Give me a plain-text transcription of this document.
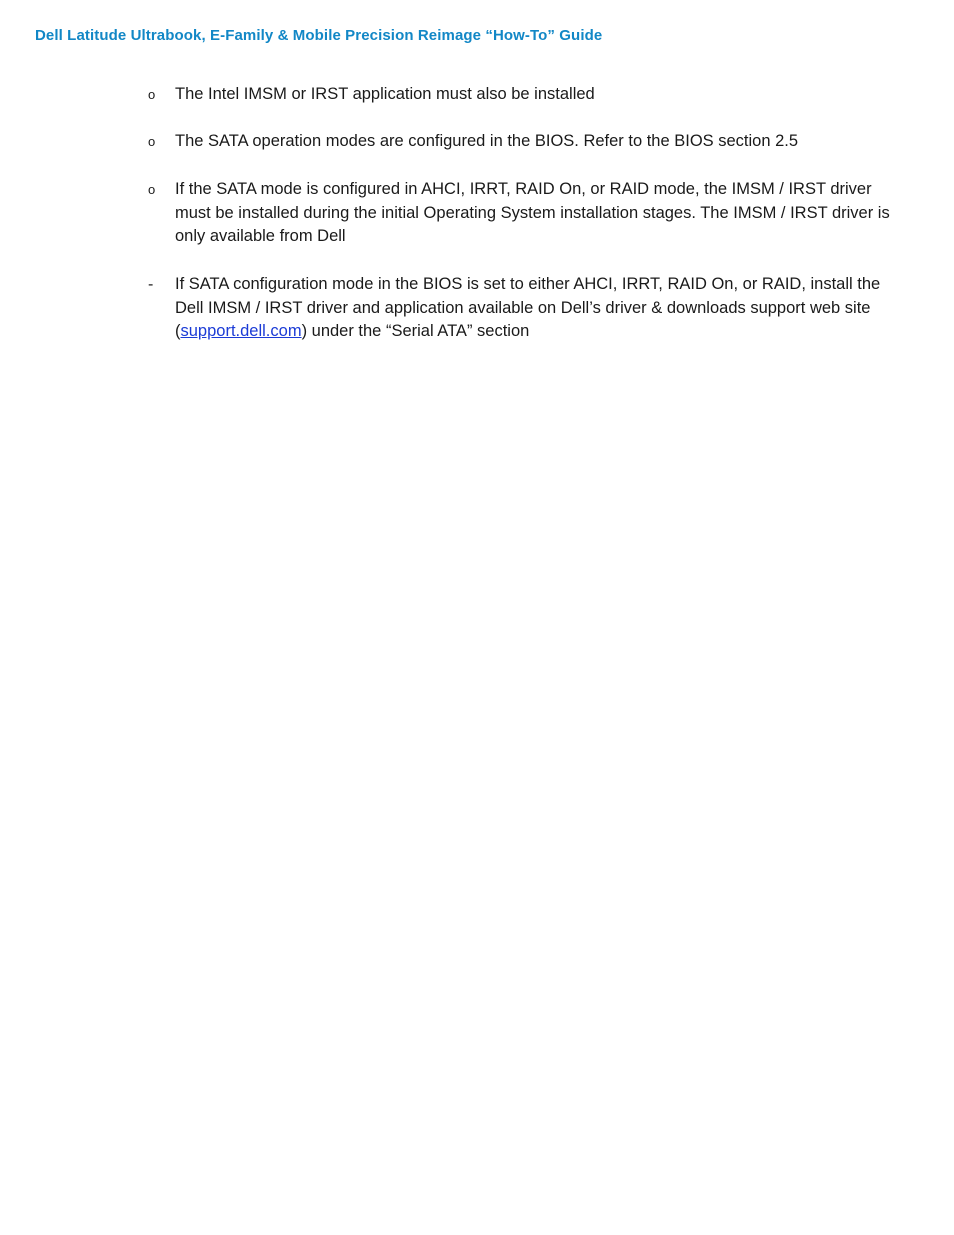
Dell Latitude Ultrabook, E-Family & Mobile Precision Reimage “How-To” Guide
o The Intel IMSM or IRST application must also be installed
o The SATA operation modes are configured in the BIOS. Refer to the BIOS section 2.5
o If the SATA mode is configured in AHCI, IRRT, RAID On, or RAID mode, the IMSM / IRST driver must be installed during the initial Operating System installation stages. The IMSM / IRST driver is only available from Dell
- If SATA configuration mode in the BIOS is set to either AHCI, IRRT, RAID On, or RAID, install the Dell IMSM / IRST driver and application available on Dell’s driver & downloads support web site (support.dell.com) under the “Serial ATA” section
